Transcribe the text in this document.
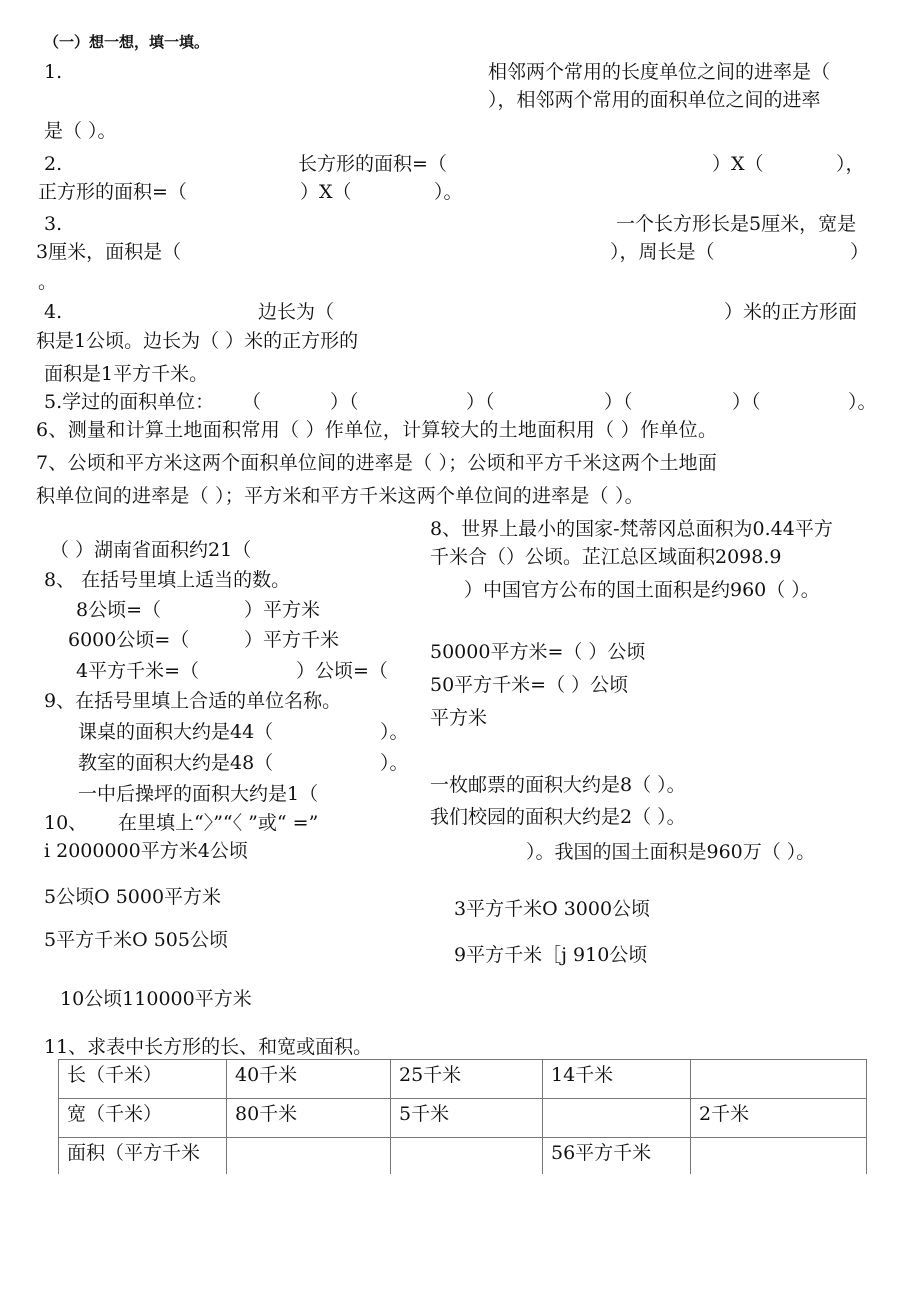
（一）想一想，填一填。
1.	相邻两个常用的长度单位之间的进率是（
），相邻两个常用的面积单位之间的进率
是（ ）。
2.	长方形的面积=（	）X（	），
正方形的面积=（	）X（	）。
3.	一个长方形长是5厘米，宽是
3厘米，面积是（	），周长是（	）
。
4.	边长为（	）米的正方形面
积是1公顷。边长为（ ）米的正方形的
面积是1平方千米。
5.学过的面积单位： （	）（	）（	）（	）（	）。
6、测量和计算土地面积常用（ ）作单位，计算较大的土地面积用（ ）作单位。
7、公顷和平方米这两个面积单位间的进率是（ ）；公顷和平方千米这两个土地面
积单位间的进率是（ ）；平方米和平方千米这两个单位间的进率是（ ）。
8、世界上最小的国家-梵蒂冈总面积为0.44平方
千米合（）公顷。芷江总区域面积2098.9
）中国官方公布的国土面积是约960（ ）。
（ ）湖南省面积约21（
8、 在括号里填上适当的数。
8公顷=（	）平方米
6000公顷=（	）平方千米
4平方千米=（	）公顷=（
50000平方米=（ ）公顷
50平方千米=（ ）公顷
平方米
9、在括号里填上合适的单位名称。
课桌的面积大约是44（	）。
教室的面积大约是48（	）。
一中后操坪的面积大约是1（	一枚邮票的面积大约是8（ ）。
我们校园的面积大约是2（ ）。
）。我国的国土面积是960万（ ）。
10、 在里填上“〉”“〈 ”或“ =”
i 2000000平方米4公顷
5公顷O 5000平方米
5平方千米O 505公顷
10公顷110000平方米
3平方千米O 3000公顷
9平方千米［j 910公顷
11、求表中长方形的长、和宽或面积。
长（千米）	40千米	25千米	14千米	
宽（千米）	80千米	5千米		2千米
面积（平方千米			56平方千米	
